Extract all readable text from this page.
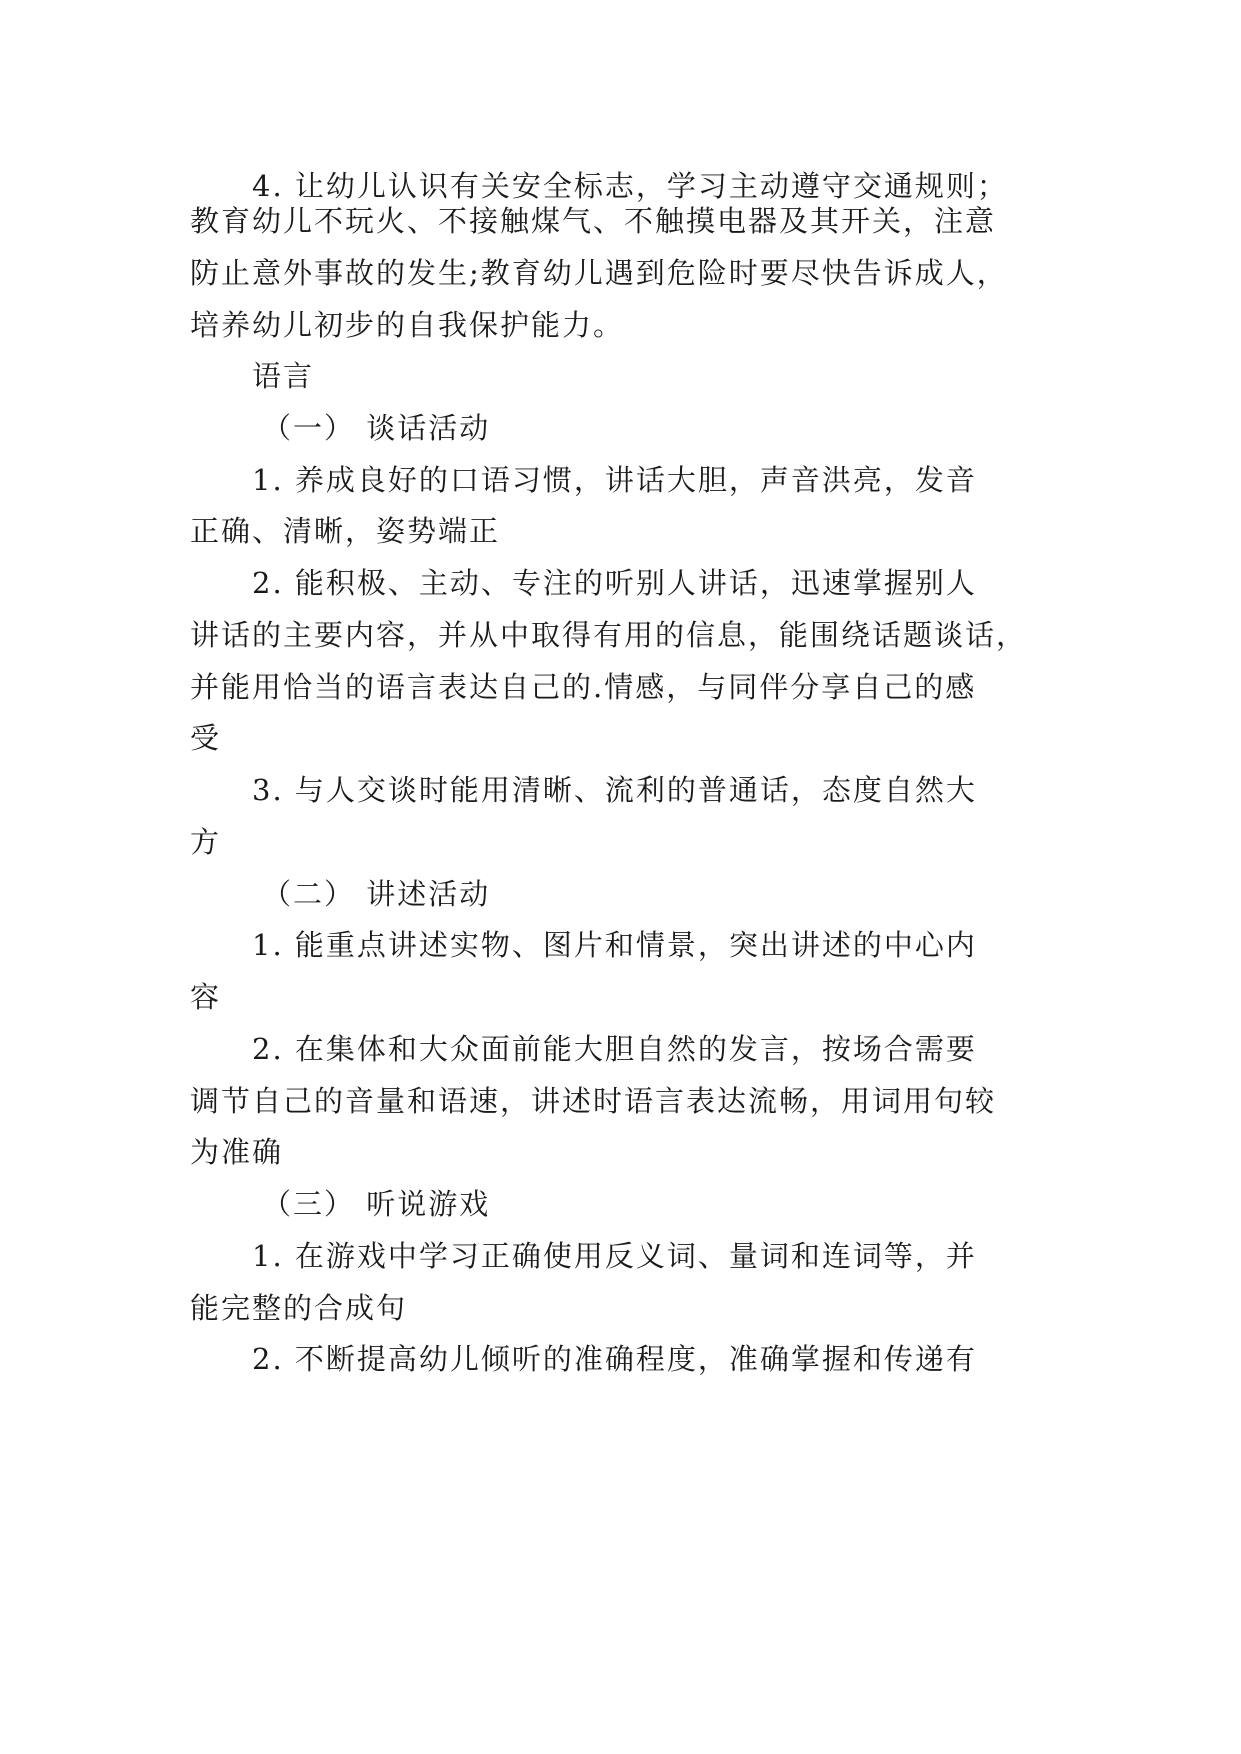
4. 让幼儿认识有关安全标志，学习主动遵守交通规则；
教育幼儿不玩火、不接触煤气、不触摸电器及其开关，注意
防止意外事故的发生;教育幼儿遇到危险时要尽快告诉成人，
培养幼儿初步的自我保护能力。
语言
（一） 谈话活动
1. 养成良好的口语习惯，讲话大胆，声音洪亮，发音
正确、清晰，姿势端正
2. 能积极、主动、专注的听别人讲话，迅速掌握别人
讲话的主要内容，并从中取得有用的信息，能围绕话题谈话，
并能用恰当的语言表达自己的.情感，与同伴分享自己的感
受
3. 与人交谈时能用清晰、流利的普通话，态度自然大
方
（二） 讲述活动
1. 能重点讲述实物、图片和情景，突出讲述的中心内
容
2. 在集体和大众面前能大胆自然的发言，按场合需要
调节自己的音量和语速，讲述时语言表达流畅，用词用句较
为准确
（三） 听说游戏
1. 在游戏中学习正确使用反义词、量词和连词等，并
能完整的合成句
2. 不断提高幼儿倾听的准确程度，准确掌握和传递有
